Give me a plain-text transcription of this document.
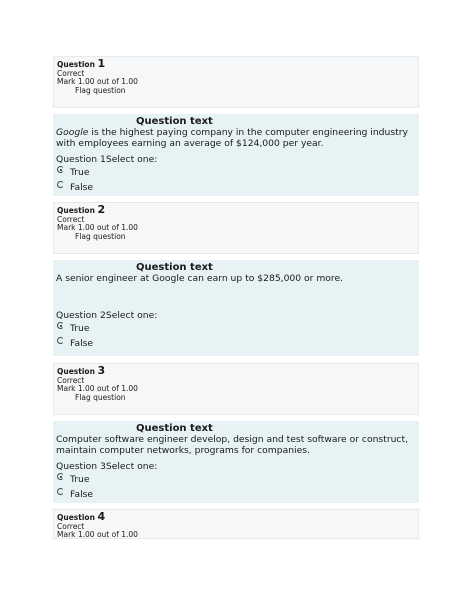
Question 1
Correct
Mark 1.00 out of 1.00
Flag question
Question text
Google is the highest paying company in the computer engineering industry with employees earning an average of $124,000 per year.
Question 1Select one:
True
False
Question 2
Correct
Mark 1.00 out of 1.00
Flag question
Question text
A senior engineer at Google can earn up to $285,000 or more.
Question 2Select one:
True
False
Question 3
Correct
Mark 1.00 out of 1.00
Flag question
Question text
Computer software engineer develop, design and test software or construct, maintain computer networks, programs for companies.
Question 3Select one:
True
False
Question 4
Correct
Mark 1.00 out of 1.00
